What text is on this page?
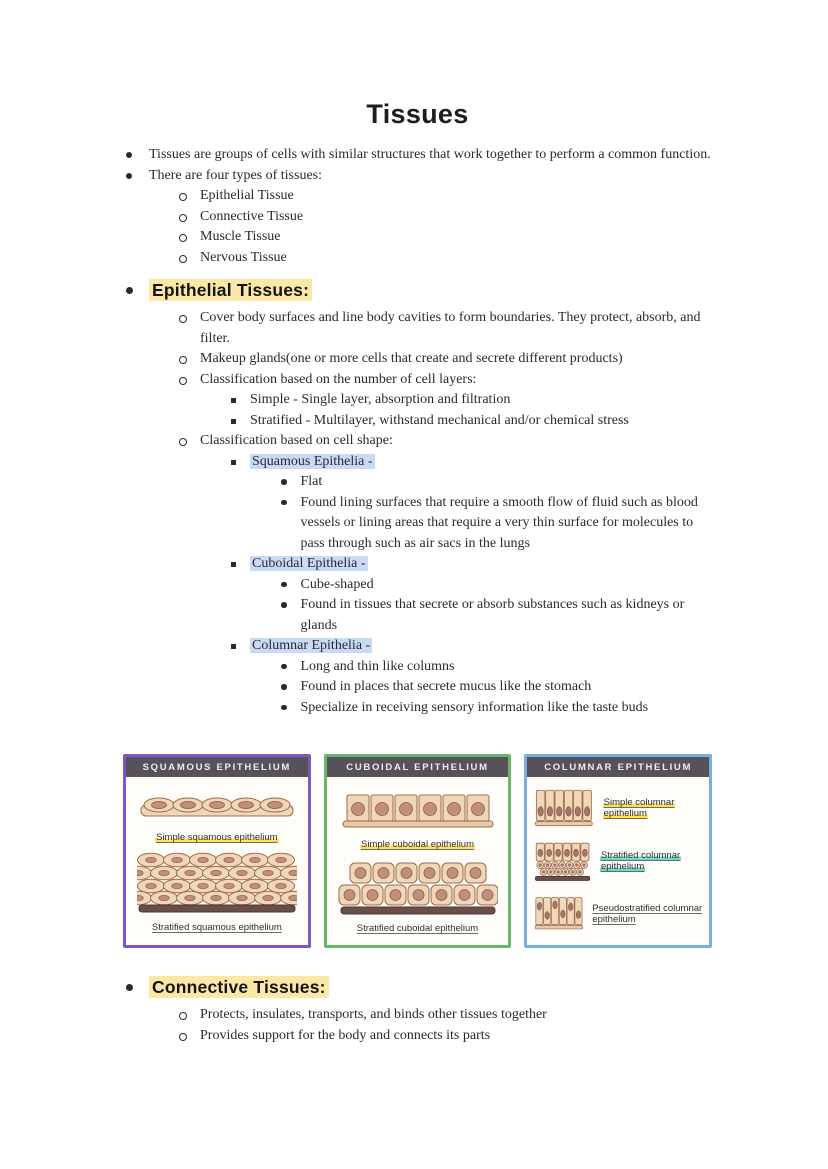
Tissues
Tissues are groups of cells with similar structures that work together to perform a common function.
There are four types of tissues:
Epithelial Tissue
Connective Tissue
Muscle Tissue
Nervous Tissue
Epithelial Tissues:
Cover body surfaces and line body cavities to form boundaries. They protect, absorb, and filter.
Makeup glands(one or more cells that create and secrete different products)
Classification based on the number of cell layers:
Simple - Single layer, absorption and filtration
Stratified - Multilayer, withstand mechanical and/or chemical stress
Classification based on cell shape:
Squamous Epithelia -
Flat
Found lining surfaces that require a smooth flow of fluid such as blood vessels or lining areas that require a very thin surface for molecules to pass through such as air sacs in the lungs
Cuboidal Epithelia -
Cube-shaped
Found in tissues that secrete or absorb substances such as kidneys or glands
Columnar Epithelia -
Long and thin like columns
Found in places that secrete mucus like the stomach
Specialize in receiving sensory information like the taste buds
SQUAMOUS EPITHELIUM
Simple squamous epithelium
Stratified squamous epithelium
CUBOIDAL EPITHELIUM
Simple cuboidal epithelium
Stratified cuboidal epithelium
COLUMNAR EPITHELIUM
Simple columnar epithelium
Stratified columnar epithelium
Pseudostratified columnar epithelium
Connective Tissues:
Protects, insulates, transports, and binds other tissues together
Provides support for the body and connects its parts
